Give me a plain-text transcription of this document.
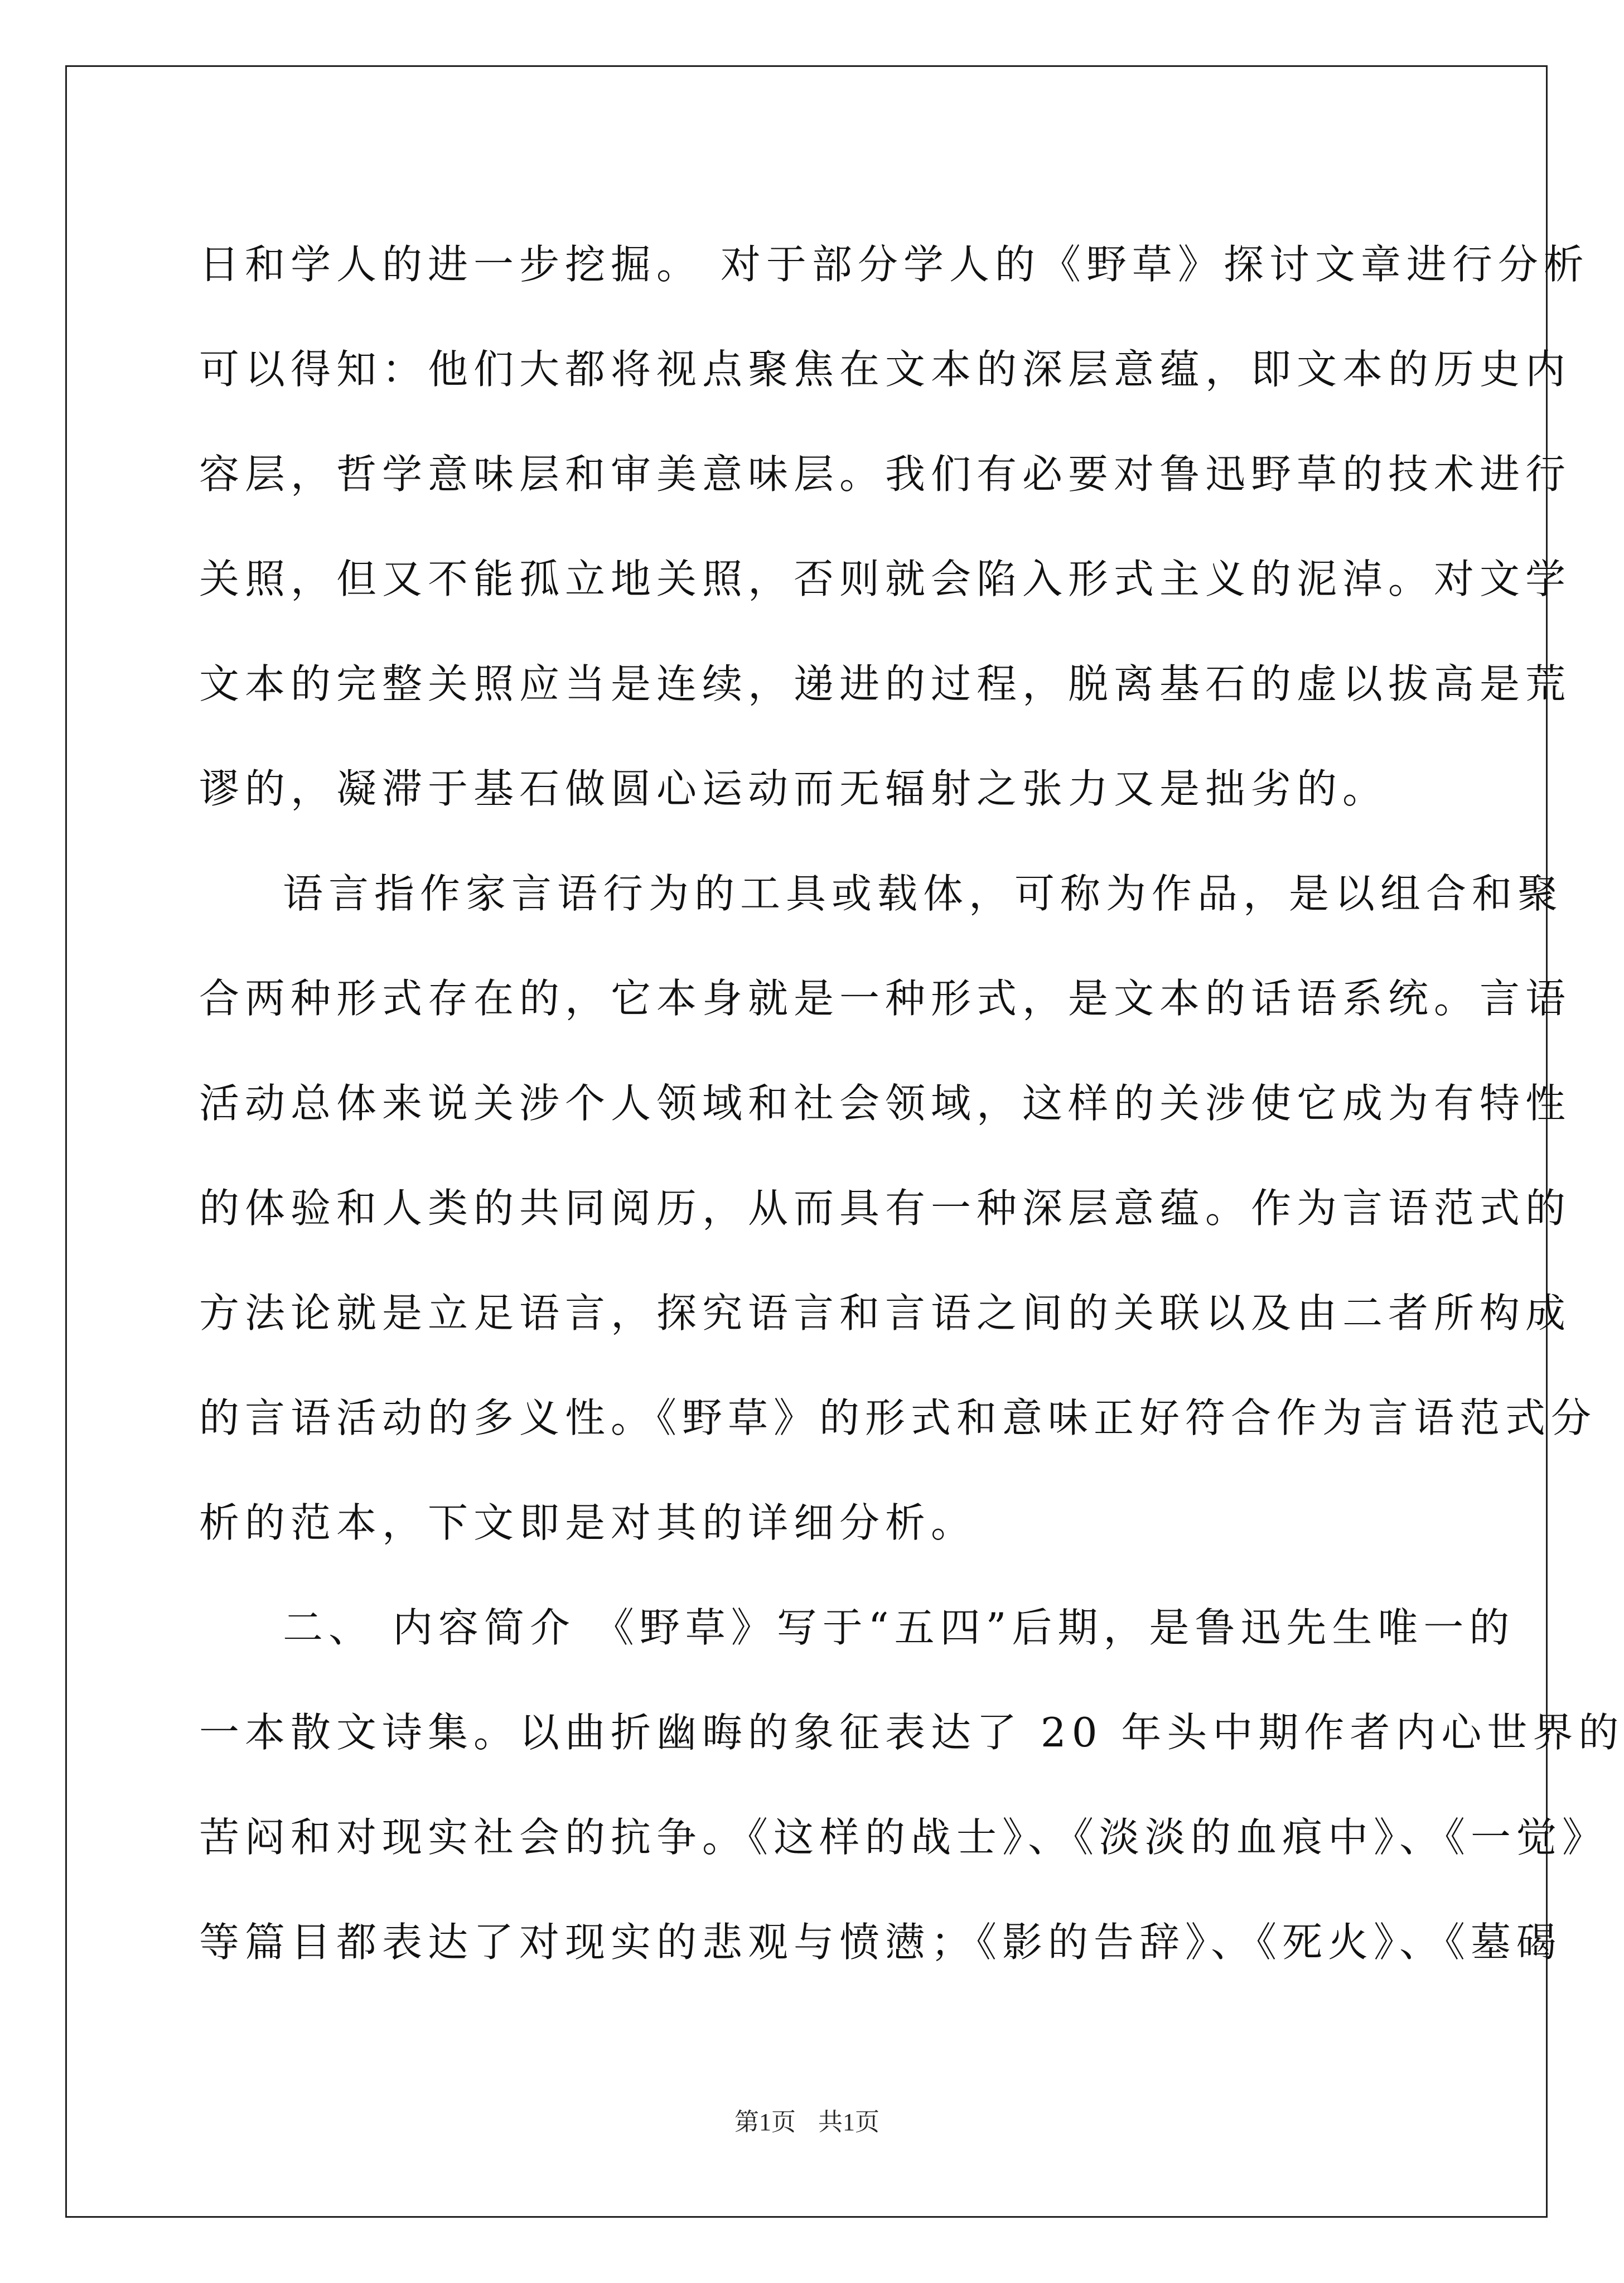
日和学人的进一步挖掘。 对于部分学人的《野草》探讨文章进行分析
可以得知：他们大都将视点聚焦在文本的深层意蕴，即文本的历史内
容层，哲学意味层和审美意味层。我们有必要对鲁迅野草的技术进行
关照，但又不能孤立地关照，否则就会陷入形式主义的泥淖。对文学
文本的完整关照应当是连续，递进的过程，脱离基石的虚以拔高是荒
谬的，凝滞于基石做圆心运动而无辐射之张力又是拙劣的。
语言指作家言语行为的工具或载体，可称为作品，是以组合和聚
合两种形式存在的，它本身就是一种形式，是文本的话语系统。言语
活动总体来说关涉个人领域和社会领域，这样的关涉使它成为有特性
的体验和人类的共同阅历，从而具有一种深层意蕴。作为言语范式的
方法论就是立足语言，探究语言和言语之间的关联以及由二者所构成
的言语活动的多义性。《野草》的形式和意味正好符合作为言语范式分
析的范本，下文即是对其的详细分析。
二、 内容简介 《野草》写于“五四”后期，是鲁迅先生唯一的
一本散文诗集。以曲折幽晦的象征表达了 20 年头中期作者内心世界的
苦闷和对现实社会的抗争。《这样的战士》、《淡淡的血痕中》、《一觉》
等篇目都表达了对现实的悲观与愤懑；《影的告辞》、《死火》、《墓碣
第1页 共1页
